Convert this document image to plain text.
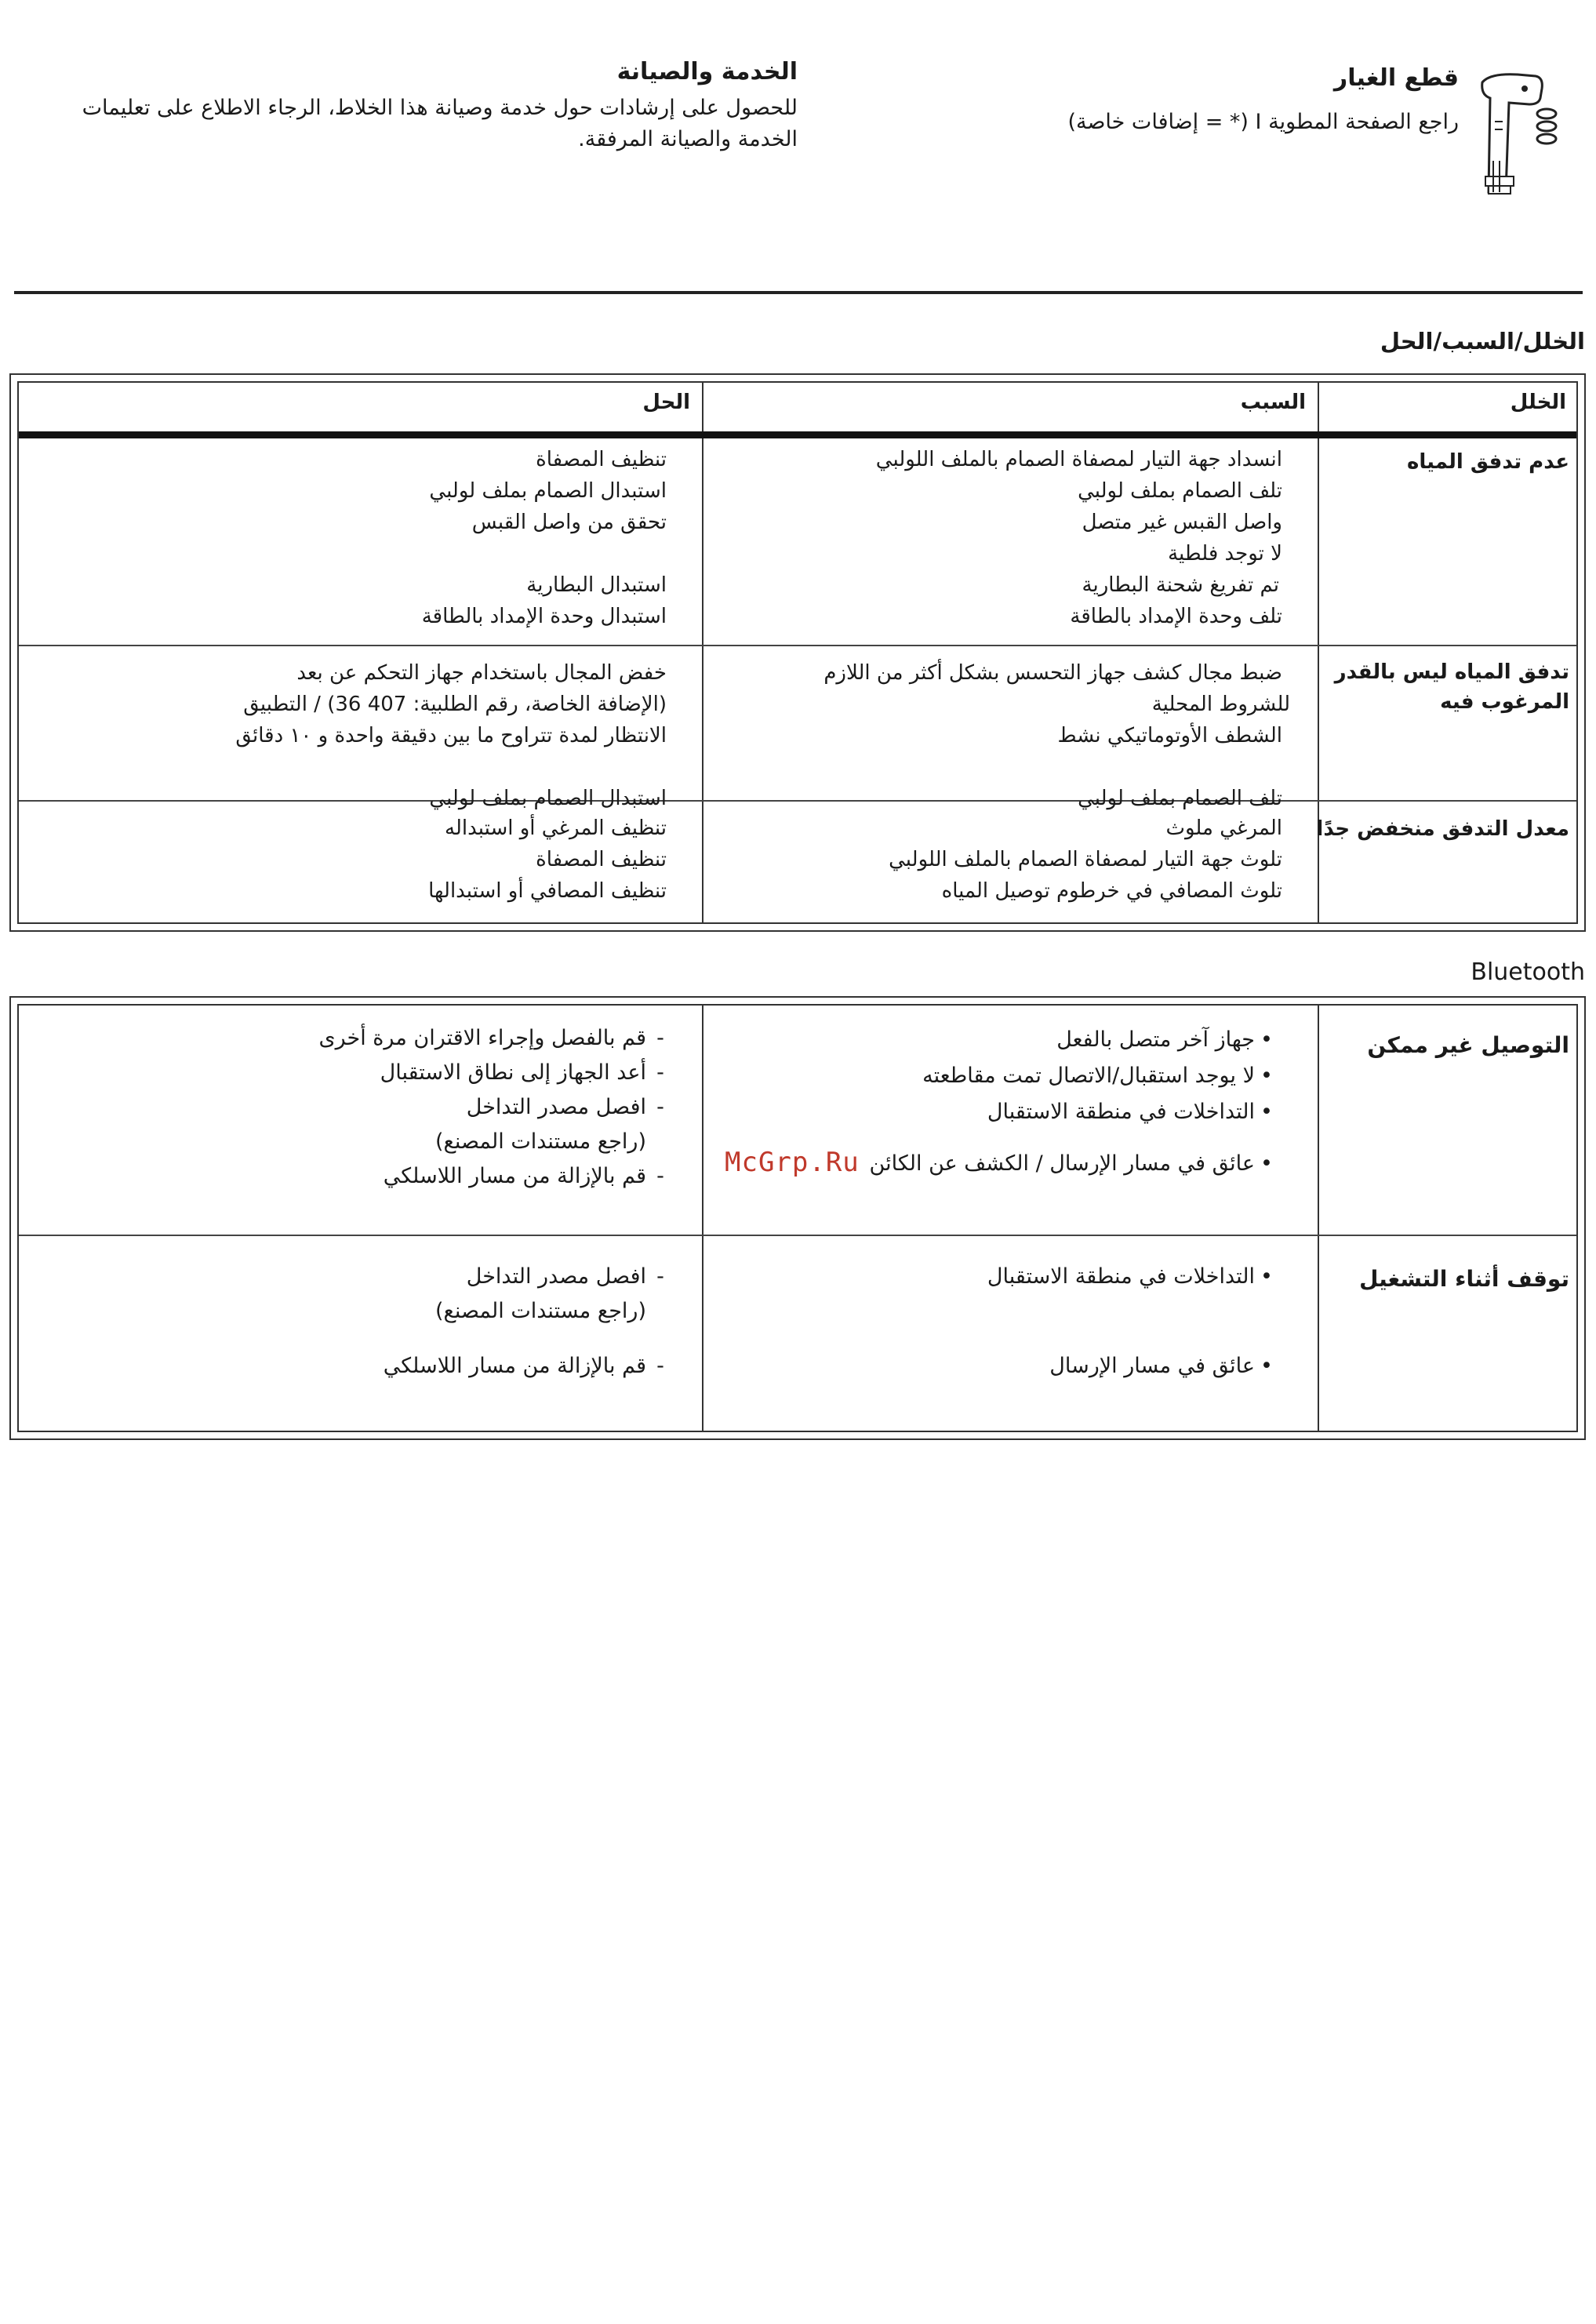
قطع الغيار
راجع الصفحة المطوية I (* = إضافات خاصة)
الخدمة والصيانة
للحصول على إرشادات حول خدمة وصيانة هذا الخلاط، الرجاء الاطلاع على تعليمات
الخدمة والصيانة المرفقة.
الخلل/السبب/الحل
الخلل
السبب
الحل
عدم تدفق المياه
انسداد جهة التيار لمصفاة الصمام بالملف اللولبي
تلف الصمام بملف لولبي
واصل القبس غير متصل
لا توجد فلطية
تم تفريغ شحنة البطارية
تلف وحدة الإمداد بالطاقة
تنظيف المصفاة
استبدال الصمام بملف لولبي
تحقق من واصل القبس

استبدال البطارية
استبدال وحدة الإمداد بالطاقة
تدفق المياه ليس بالقدر
المرغوب فيه
ضبط مجال كشف جهاز التحسس بشكل أكثر من اللازم
للشروط المحلية
الشطف الأوتوماتيكي نشط

تلف الصمام بملف لولبي
خفض المجال باستخدام جهاز التحكم عن بعد
(الإضافة الخاصة، رقم الطلبية: 407 36) / التطبيق
الانتظار لمدة تتراوح ما بين دقيقة واحدة و ١٠ دقائق

استبدال الصمام بملف لولبي
معدل التدفق منخفض جدًا
المرغي ملوث
تلوث جهة التيار لمصفاة الصمام بالملف اللولبي
تلوث المصافي في خرطوم توصيل المياه
تنظيف المرغي أو استبداله
تنظيف المصفاة
تنظيف المصافي أو استبدالها
Bluetooth
التوصيل غير ممكن
•جهاز آخر متصل بالفعل
•لا يوجد استقبال/الاتصال تمت مقاطعته
•التداخلات في منطقة الاستقبال
•عائق في مسار الإرسال / الكشف عن الكائن
-قم بالفصل وإجراء الاقتران مرة أخرى
-أعد الجهاز إلى نطاق الاستقبال
-افصل مصدر التداخل
(راجع مستندات المصنع)
-قم بالإزالة من مسار اللاسلكي	McGrp.Ru
توقف أثناء التشغيل
•التداخلات في منطقة الاستقبال
•عائق في مسار الإرسال
-افصل مصدر التداخل
(راجع مستندات المصنع)
-قم بالإزالة من مسار اللاسلكي
